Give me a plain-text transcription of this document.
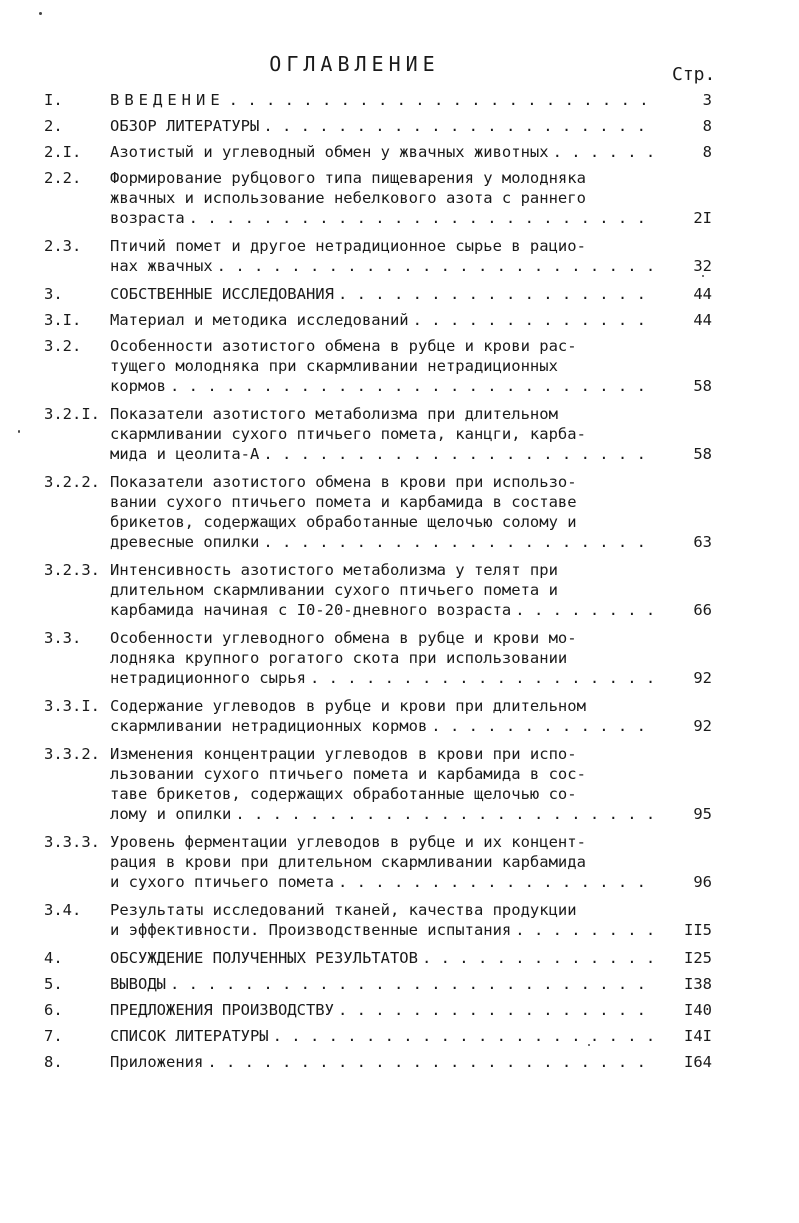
ОГЛАВЛЕНИЕ	Стр.
I.	ВВЕДЕНИЕ . . .	3
2.	ОБЗОР ЛИТЕРАТУРЫ . . .	8
2.I.	Азотистый и углеводный обмен у жвачных животных . . .	8
2.2.	Формирование рубцового типа пищеварения у молодняка
жвачных и использование небелкового азота с раннего
возраста . . .	2I
2.3.	Птичий помет и другое нетрадиционное сырье в рацио-
нах жвачных . . .	32
3.	СОБСТВЕННЫЕ ИССЛЕДОВАНИЯ . . .	44
3.I.	Материал и методика исследований . . .	44
3.2.	Особенности азотистого обмена в рубце и крови рас-
тущего молодняка при скармливании нетрадиционных
кормов . . .	58
3.2.I. Показатели азотистого метаболизма при длительном
скармливании сухого птичьего помета, канцги, карба-
мида и цеолита-А . . .	58
3.2.2. Показатели азотистого обмена в крови при использо-
вании сухого птичьего помета и карбамида в составе
брикетов, содержащих обработанные щелочью солому и
древесные опилки . . .	63
3.2.3. Интенсивность азотистого метаболизма у телят при
длительном скармливании сухого птичьего помета и
карбамида начиная с I0-20-дневного возраста . . .	66
3.3.	Особенности углеводного обмена в рубце и крови мо-
лодняка крупного рогатого скота при использовании
нетрадиционного сырья . . .	92
3.3.I. Содержание углеводов в рубце и крови при длительном
скармливании нетрадиционных кормов . . .	92
3.3.2. Изменения концентрации углеводов в крови при испо-
льзовании сухого птичьего помета и карбамида в сос-
таве брикетов, содержащих обработанные щелочью со-
лому и опилки . . .	95
3.3.3. Уровень ферментации углеводов в рубце и их концент-
рация в крови при длительном скармливании карбамида
и сухого птичьего помета . . .	96
3.4.	Результаты исследований тканей, качества продукции
и эффективности. Производственные испытания . . .	II5
4.	ОБСУЖДЕНИЕ ПОЛУЧЕННЫХ РЕЗУЛЬТАТОВ . . .	I25
5.	ВЫВОДЫ . . .	I38
6.	ПРЕДЛОЖЕНИЯ ПРОИЗВОДСТВУ . . .	I40
7.	СПИСОК ЛИТЕРАТУРЫ . . .	I4I
8.	Приложения . . .	I64
